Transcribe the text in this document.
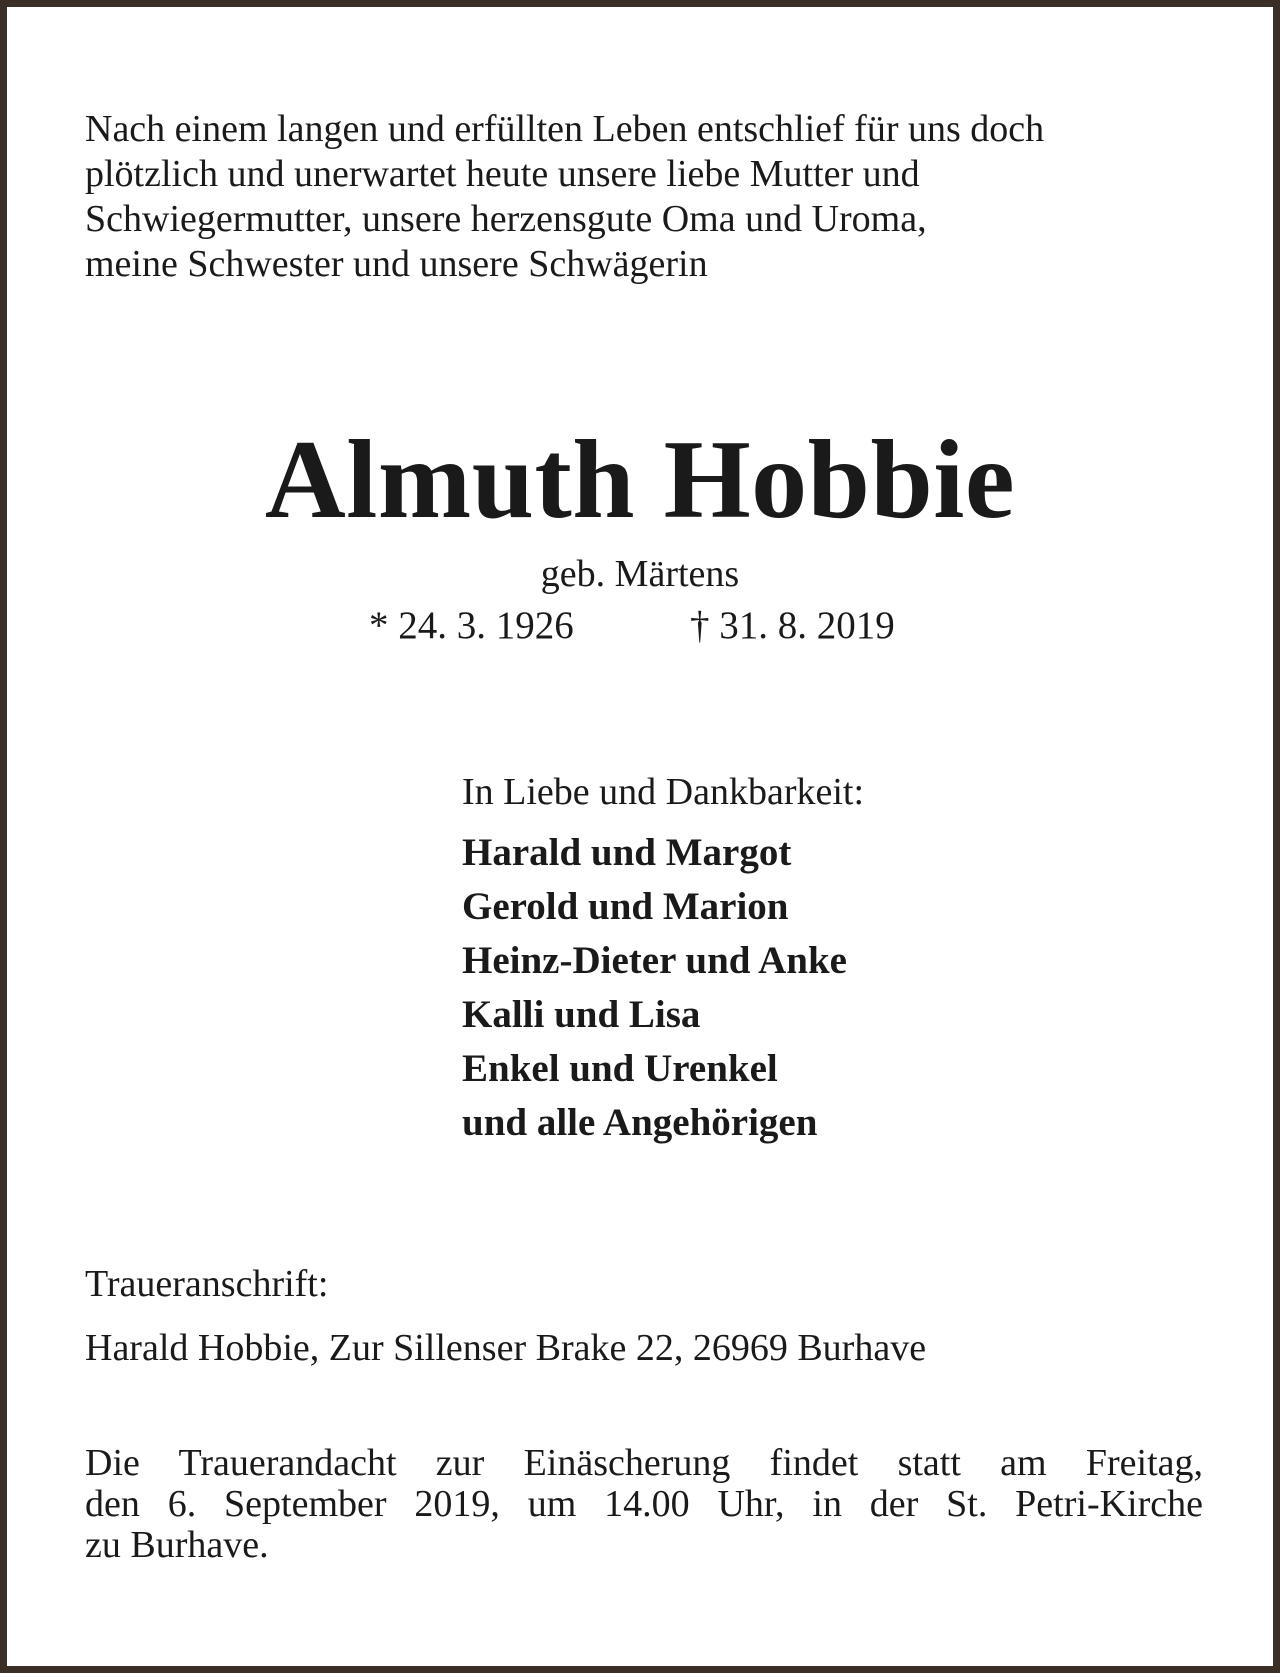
Nach einem langen und erfüllten Leben entschlief für uns doch
plötzlich und unerwartet heute unsere liebe Mutter und
Schwiegermutter, unsere herzensgute Oma und Uroma,
meine Schwester und unsere Schwägerin
Almuth Hobbie
geb. Märtens
* 24. 3. 1926	† 31. 8. 2019
In Liebe und Dankbarkeit:
Harald und Margot
Gerold und Marion
Heinz-Dieter und Anke
Kalli und Lisa
Enkel und Urenkel
und alle Angehörigen
Traueranschrift:
Harald Hobbie, Zur Sillenser Brake 22, 26969 Burhave
Die Trauerandacht zur Einäscherung findet statt am Freitag,
den 6. September 2019, um 14.00 Uhr, in der St. Petri-Kirche
zu Burhave.
